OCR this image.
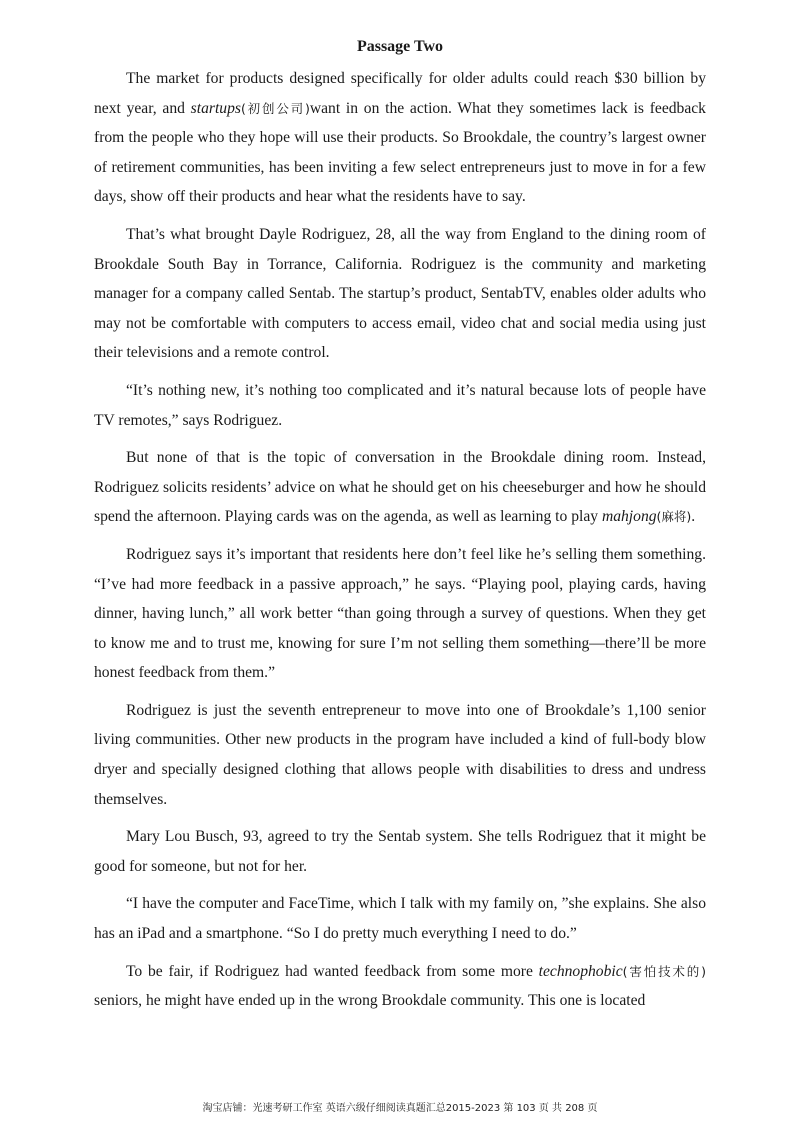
Passage Two

The market for products designed specifically for older adults could reach $30 billion by next year, and startups(初创公司)want in on the action. What they sometimes lack is feedback from the people who they hope will use their products. So Brookdale, the country’s largest owner of retirement communities, has been inviting a few select entrepreneurs just to move in for a few days, show off their products and hear what the residents have to say.

That’s what brought Dayle Rodriguez, 28, all the way from England to the dining room of Brookdale South Bay in Torrance, California. Rodriguez is the community and marketing manager for a company called Sentab. The startup’s product, SentabTV, enables older adults who may not be comfortable with computers to access email, video chat and social media using just their televisions and a remote control.

“It’s nothing new, it’s nothing too complicated and it’s natural because lots of people have TV remotes,” says Rodriguez.

But none of that is the topic of conversation in the Brookdale dining room. Instead, Rodriguez solicits residents’ advice on what he should get on his cheeseburger and how he should spend the afternoon. Playing cards was on the agenda, as well as learning to play mahjong(麻将).

Rodriguez says it’s important that residents here don’t feel like he’s selling them something. “I’ve had more feedback in a passive approach,” he says. “Playing pool, playing cards, having dinner, having lunch,” all work better “than going through a survey of questions. When they get to know me and to trust me, knowing for sure I’m not selling them something—there’ll be more honest feedback from them.”

Rodriguez is just the seventh entrepreneur to move into one of Brookdale’s 1,100 senior living communities. Other new products in the program have included a kind of full-body blow dryer and specially designed clothing that allows people with disabilities to dress and undress themselves.

Mary Lou Busch, 93, agreed to try the Sentab system. She tells Rodriguez that it might be good for someone, but not for her.

“I have the computer and FaceTime, which I talk with my family on, ”she explains. She also has an iPad and a smartphone. “So I do pretty much everything I need to do.”

To be fair, if Rodriguez had wanted feedback from some more technophobic(害怕技术的) seniors, he might have ended up in the wrong Brookdale community. This one is located

淘宝店铺：光速考研工作室 英语六级仔细阅读真题汇总2015-2023 第 103 页 共 208 页
